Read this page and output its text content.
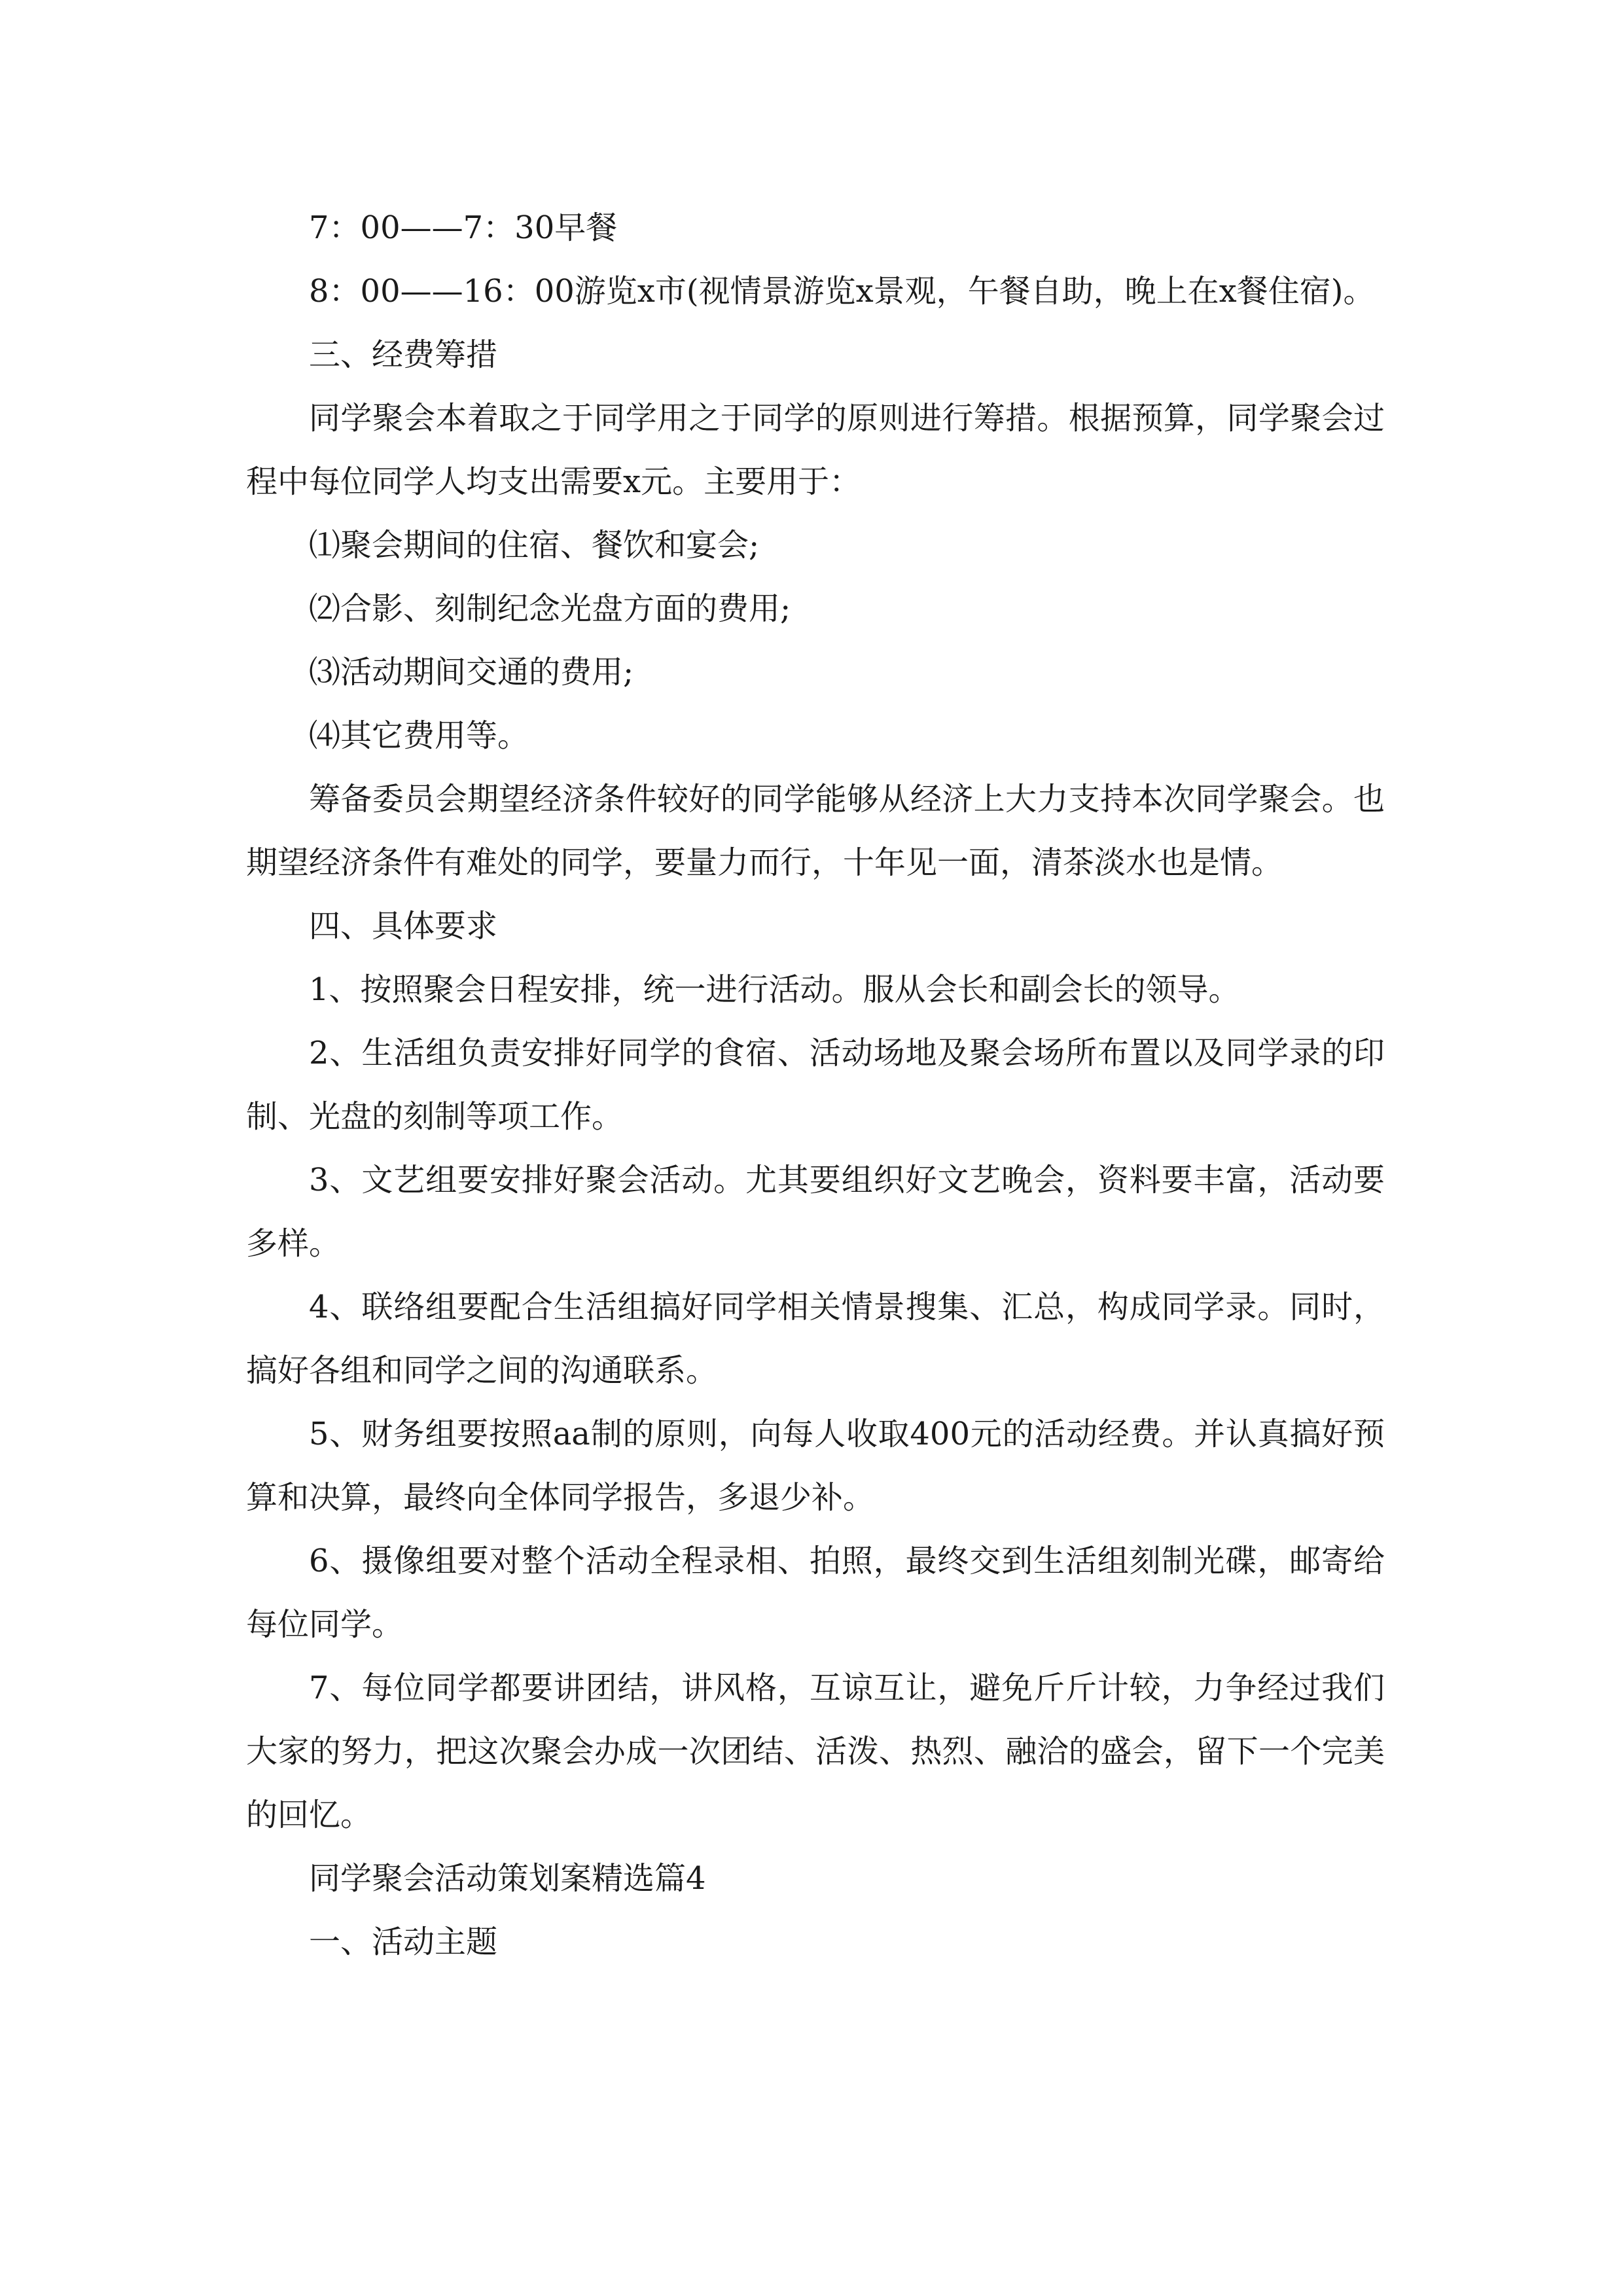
7：00——7：30早餐

8：00——16：00游览x市(视情景游览x景观，午餐自助，晚上在x餐住宿)。

三、经费筹措

同学聚会本着取之于同学用之于同学的原则进行筹措。根据预算，同学聚会过程中每位同学人均支出需要x元。主要用于：

⑴聚会期间的住宿、餐饮和宴会;

⑵合影、刻制纪念光盘方面的费用;

⑶活动期间交通的费用;

⑷其它费用等。

筹备委员会期望经济条件较好的同学能够从经济上大力支持本次同学聚会。也期望经济条件有难处的同学，要量力而行，十年见一面，清茶淡水也是情。

四、具体要求

1、按照聚会日程安排，统一进行活动。服从会长和副会长的领导。

2、生活组负责安排好同学的食宿、活动场地及聚会场所布置以及同学录的印制、光盘的刻制等项工作。

3、文艺组要安排好聚会活动。尤其要组织好文艺晚会，资料要丰富，活动要多样。

4、联络组要配合生活组搞好同学相关情景搜集、汇总，构成同学录。同时，搞好各组和同学之间的沟通联系。

5、财务组要按照aa制的原则，向每人收取400元的活动经费。并认真搞好预算和决算，最终向全体同学报告，多退少补。

6、摄像组要对整个活动全程录相、拍照，最终交到生活组刻制光碟，邮寄给每位同学。

7、每位同学都要讲团结，讲风格，互谅互让，避免斤斤计较，力争经过我们大家的努力，把这次聚会办成一次团结、活泼、热烈、融洽的盛会，留下一个完美的回忆。

同学聚会活动策划案精选篇4

一、活动主题
